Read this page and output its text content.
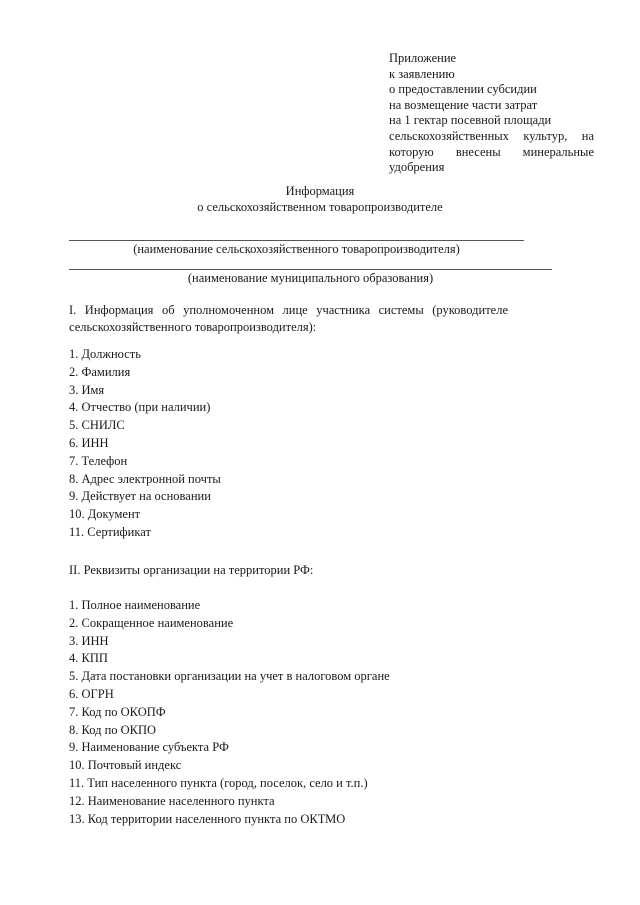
Приложение
к заявлению
о предоставлении субсидии
на возмещение части затрат
на 1 гектар посевной площади
сельскохозяйственных культур, на
которую внесены минеральные
удобрения
Информация
о сельскохозяйственном товаропроизводителе
(наименование сельскохозяйственного товаропроизводителя)
(наименование муниципального образования)
I. Информация об уполномоченном лице участника системы (руководителе
сельскохозяйственного товаропроизводителя):
1. Должность
2. Фамилия
3. Имя
4. Отчество (при наличии)
5. СНИЛС
6. ИНН
7. Телефон
8. Адрес электронной почты
9. Действует на основании
10. Документ
11. Сертификат
II. Реквизиты организации на территории РФ:
1. Полное наименование
2. Сокращенное наименование
3. ИНН
4. КПП
5. Дата постановки организации на учет в налоговом органе
6. ОГРН
7. Код по ОКОПФ
8. Код по ОКПО
9. Наименование субъекта РФ
10. Почтовый индекс
11. Тип населенного пункта (город, поселок, село и т.п.)
12. Наименование населенного пункта
13. Код территории населенного пункта по ОКТМО
